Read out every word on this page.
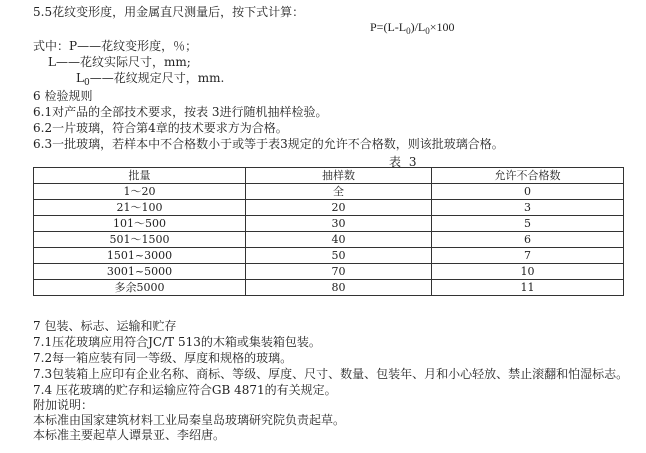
5.5花纹变形度，用金属直尺测量后，按下式计算：
$P=(L-L_0)/L_0\times 100$
式中：P——花纹变形度，％；
L——花纹实际尺寸，mm;
$L_0——$花纹规定尺寸，mm.
6 检验规则
6.1对产品的全部技术要求，按表 3进行随机抽样检验。
6.2一片玻璃，符合第4章的技术要求方为合格。
6.3一批玻璃，若样本中不合格数小于或等于表3规定的允许不合格数，则该批玻璃合格。
表 3
批量	抽样数	允许不合格数
1～20	全	0
21～100	20	3
101～500	30	5
501～1500	40	6
1501~3000	50	7
3001~5000	70	10
多余5000	80	11
7 包装、标志、运输和贮存
7.1压花玻璃应用符合JC/T 513的木箱或集装箱包装。
7.2每一箱应装有同一等级、厚度和规格的玻璃。
7.3包装箱上应印有企业名称、商标、等级、厚度、尺寸、数量、包装年、月和小心轻放、禁止滚翻和怕湿标志。
7.4 压花玻璃的贮存和运输应符合GB 4871的有关规定。
附加说明：
本标准由国家建筑材料工业局秦皇岛玻璃研究院负责起草。
本标准主要起草人谭景亚、李绍唐。
